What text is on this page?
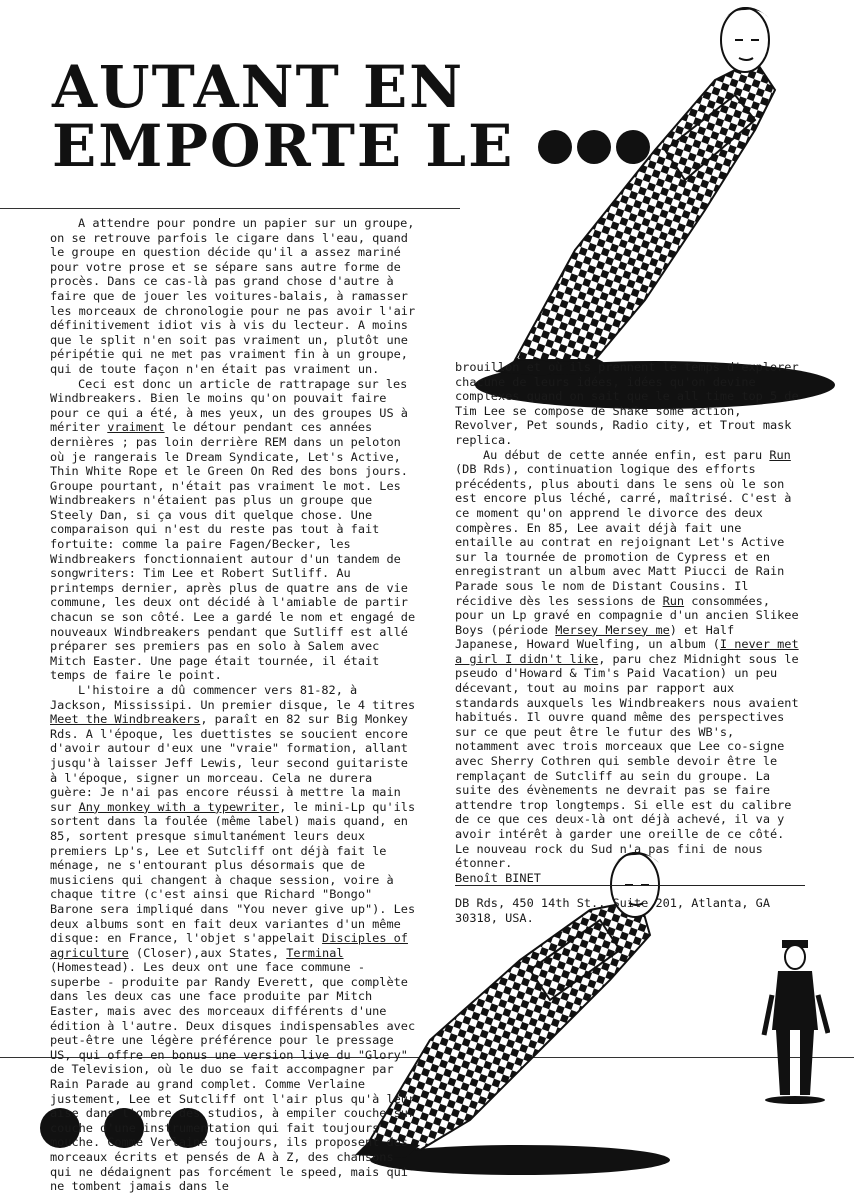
AUTANT EN
EMPORTE LE

A attendre pour pondre un papier sur un groupe, on se retrouve parfois le cigare dans l'eau, quand le groupe en question décide qu'il a assez mariné pour votre prose et se sépare sans autre forme de procès. Dans ce cas-là pas grand chose d'autre à faire que de jouer les voitures-balais, à ramasser les morceaux de chronologie pour ne pas avoir l'air définitivement idiot vis à vis du lecteur. A moins que le split n'en soit pas vraiment un, plutôt une péripétie qui ne met pas vraiment fin à un groupe, qui de toute façon n'en était pas vraiment un.

Ceci est donc un article de rattrapage sur les Windbreakers. Bien le moins qu'on pouvait faire pour ce qui a été, à mes yeux, un des groupes US à mériter vraiment le détour pendant ces années dernières ; pas loin derrière REM dans un peloton où je rangerais le Dream Syndicate, Let's Active, Thin White Rope et le Green On Red des bons jours. Groupe pourtant, n'était pas vraiment le mot. Les Windbreakers n'étaient pas plus un groupe que Steely Dan, si ça vous dit quelque chose. Une comparaison qui n'est du reste pas tout à fait fortuite: comme la paire Fagen/Becker, les Windbreakers fonctionnaient autour d'un tandem de songwriters: Tim Lee et Robert Sutliff. Au printemps dernier, après plus de quatre ans de vie commune, les deux ont décidé à l'amiable de partir chacun se son côté. Lee a gardé le nom et engagé de nouveaux Windbreakers pendant que Sutliff est allé préparer ses premiers pas en solo à Salem avec Mitch Easter. Une page était tournée, il était temps de faire le point.

L'histoire a dû commencer vers 81-82, à Jackson, Mississipi. Un premier disque, le 4 titres Meet the Windbreakers, paraît en 82 sur Big Monkey Rds. A l'époque, les duettistes se soucient encore d'avoir autour d'eux une "vraie" formation, allant jusqu'à laisser Jeff Lewis, leur second guitariste à l'époque, signer un morceau. Cela ne durera guère: Je n'ai pas encore réussi à mettre la main sur Any monkey with a typewriter, le mini-Lp qu'ils sortent dans la foulée (même label) mais quand, en 85, sortent presque simultanément leurs deux premiers Lp's, Lee et Sutcliff ont déjà fait le ménage, ne s'entourant plus désormais que de musiciens qui changent à chaque session, voire à chaque titre (c'est ainsi que Richard "Bongo" Barone sera impliqué dans "You never give up"). Les deux albums sont en fait deux variantes d'un même disque: en France, l'objet s'appelait Disciples of agriculture (Closer),aux States, Terminal (Homestead). Les deux ont une face commune - superbe - produite par Randy Everett, que complète dans les deux cas une face produite par Mitch Easter, mais avec des morceaux différents d'une édition à l'autre. Deux disques indispensables avec peut-être une légère préférence pour le pressage US, qui offre en bonus une version live du "Glory" de Television, où le duo se fait accompagner par Rain Parade au grand complet. Comme Verlaine justement, Lee et Sutcliff ont l'air plus qu'à leur aise dans l'ombre des studios, à empiler couche sur couche d'une instrumentation qui fait toujours mouche. Comme Verlaine toujours, ils proposent des morceaux écrits et pensés de A à Z, des chansons qui ne dédaignent pas forcément le speed, mais qui ne tombent jamais dans le

brouillon et où ils prennent le temps d'explorer chacune de leurs idées, idées qu'on devine complexes quand on sait que le all time top 5 de Tim Lee se compose de Shake some action, Revolver, Pet sounds, Radio city, et Trout mask replica.

Au début de cette année enfin, est paru Run (DB Rds), continuation logique des efforts précédents, plus abouti dans le sens où le son est encore plus léché, carré, maîtrisé. C'est à ce moment qu'on apprend le divorce des deux compères. En 85, Lee avait déjà fait une entaille au contrat en rejoignant Let's Active sur la tournée de promotion de Cypress et en enregistrant un album avec Matt Piucci de Rain Parade sous le nom de Distant Cousins. Il récidive dès les sessions de Run consommées, pour un Lp gravé en compagnie d'un ancien Slikee Boys (période Mersey Mersey me) et Half Japanese, Howard Wuelfing, un album (I never met a girl I didn't like, paru chez Midnight sous le pseudo d'Howard & Tim's Paid Vacation) un peu décevant, tout au moins par rapport aux standards auxquels les Windbreakers nous avaient habitués. Il ouvre quand même des perspectives sur ce que peut être le futur des WB's, notamment avec trois morceaux que Lee co-signe avec Sherry Cothren qui semble devoir être le remplaçant de Sutcliff au sein du groupe. La suite des évènements ne devrait pas se faire attendre trop longtemps. Si elle est du calibre de ce que ces deux-là ont déjà achevé, il va y avoir intérêt à garder une oreille de ce côté. Le nouveau rock du Sud n'a pas fini de nous étonner.

Benoît BINET

DB Rds, 450 14th St., Suite 201, Atlanta, GA 30318, USA.
